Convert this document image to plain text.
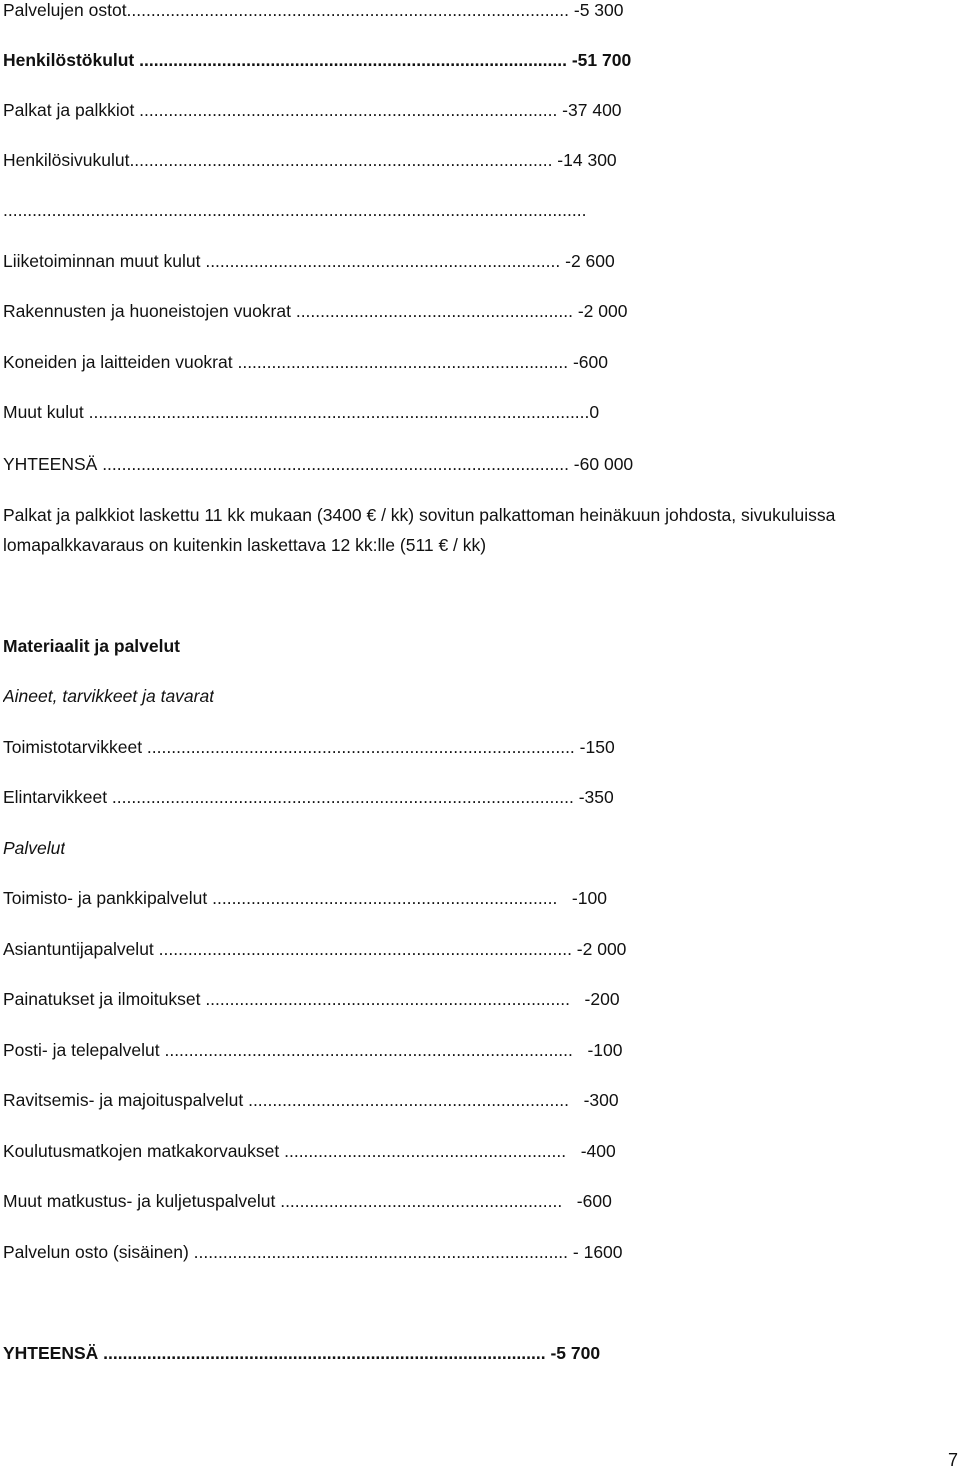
Palvelujen ostot........................................................................................... -5 300
Henkilöstökulut ........................................................................................ -51 700
Palkat ja palkkiot ...................................................................................... -37 400
Henkilösivukulut....................................................................................... -14 300
........................................................................................................................
Liiketoiminnan muut kulut ......................................................................... -2 600
Rakennusten ja huoneistojen vuokrat ......................................................... -2 000
Koneiden ja laitteiden vuokrat .................................................................... -600
Muut kulut .......................................................................................................0
YHTEENSÄ ................................................................................................ -60 000
Palkat ja palkkiot laskettu 11 kk mukaan (3400 € / kk) sovitun palkattoman heinäkuun johdosta, sivukuluissa
lomapalkkavaraus on kuitenkin laskettava 12 kk:lle (511 € / kk)
Materiaalit ja palvelut
Aineet, tarvikkeet ja tavarat
Toimistotarvikkeet ........................................................................................ -150
Elintarvikkeet ............................................................................................... -350
Palvelut
Toimisto- ja pankkipalvelut .......................................................................   -100
Asiantuntijapalvelut ..................................................................................... -2 000
Painatukset ja ilmoitukset ...........................................................................   -200
Posti- ja telepalvelut ....................................................................................   -100
Ravitsemis- ja majoituspalvelut ..................................................................   -300
Koulutusmatkojen matkakorvaukset ..........................................................   -400
Muut matkustus- ja kuljetuspalvelut ..........................................................   -600
Palvelun osto (sisäinen) ............................................................................. - 1600
YHTEENSÄ ........................................................................................... -5 700
7
